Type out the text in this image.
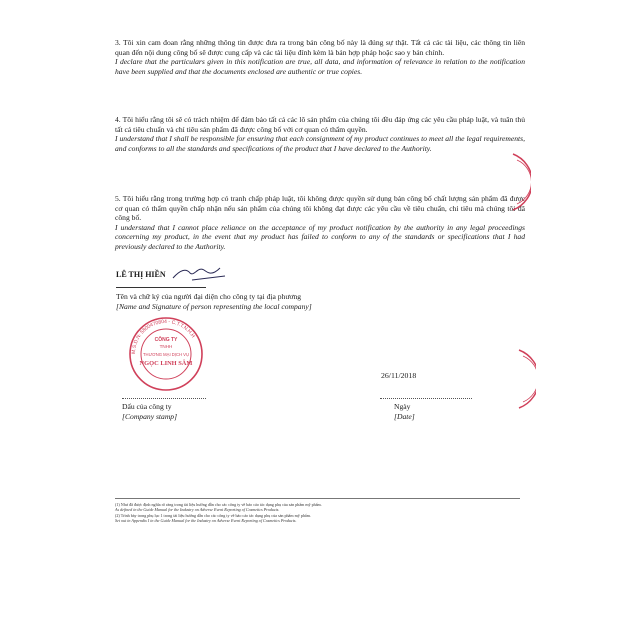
3. Tôi xin cam đoan rằng những thông tin được đưa ra trong bản công bố này là đúng sự thật. Tất cả các tài liệu, các thông tin liên quan đến nội dung công bố sẽ được cung cấp và các tài liệu đính kèm là bản hợp pháp hoặc sao y bản chính.

I declare that the particulars given in this notification are true, all data, and information of relevance in relation to the notification have been supplied and that the documents enclosed are authentic or true copies.

4. Tôi hiểu rằng tôi sẽ có trách nhiệm để đảm bảo tất cả các lô sản phẩm của chúng tôi đều đáp ứng các yêu cầu pháp luật, và tuân thủ tất cả tiêu chuẩn và chỉ tiêu sản phẩm đã được công bố với cơ quan có thẩm quyền.

I understand that I shall be responsible for ensuring that each consignment of my product continues to meet all the legal requirements, and conforms to all the standards and specifications of the product that I have declared to the Authority.

5. Tôi hiểu rằng trong trường hợp có tranh chấp pháp luật, tôi không được quyền sử dụng bản công bố chất lượng sản phẩm đã được cơ quan có thẩm quyền chấp nhận nếu sản phẩm của chúng tôi không đạt được các yêu cầu về tiêu chuẩn, chỉ tiêu mà chúng tôi đã công bố.

I understand that I cannot place reliance on the acceptance of my product notification by the authority in any legal proceedings concerning my product, in the event that my product has failed to conform to any of the standards or specifications that I had previously declared to the Authority.

LÊ THỊ HIỀN
Tên và chữ ký của người đại diện cho công ty tại địa phương
[Name and Signature of person representing the local company]
M.S.D.N: 5800470804 - C.T.T.N.H.H
CÔNG TY
TNHH
THƯƠNG MẠI DỊCH VỤ
NGỌC LINH SÂM
26/11/2018
Dấu của công ty
[Company stamp]
Ngày
[Date]

(1) Như đã được định nghĩa rõ ràng trong tài liệu hướng dẫn cho các công ty về báo cáo tác dụng phụ của sản phẩm mỹ phẩm.

As defined in the Guide Manual for the Industry on Adverse Event Reporting of Cosmetics Products.

(2) Trình bày trong phụ lục 1 trong tài liệu hướng dẫn cho các công ty về báo cáo tác dụng phụ của sản phẩm mỹ phẩm.

Set out in Appendix I in the Guide Manual for the Industry on Adverse Event Reporting of Cosmetics Products.
